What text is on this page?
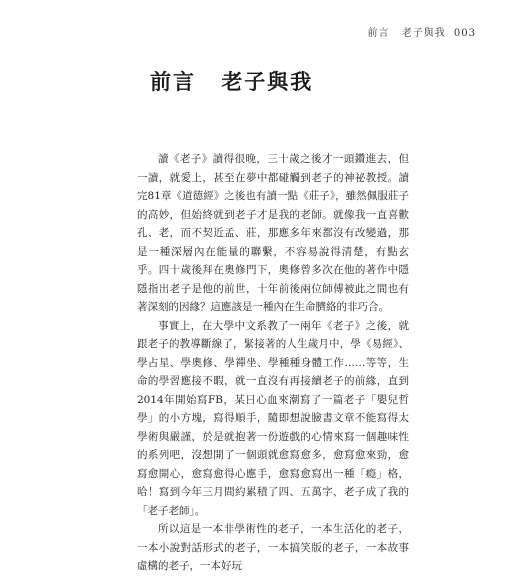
前言 老子與我 003
前言 老子與我

讀《老子》讀得很晚，三十歲之後才一頭鑽進去，但一讀，就愛上，甚至在夢中都碰觸到老子的神祕教授。讀完81章《道德經》之後也有讀一點《莊子》，雖然佩服莊子的高妙，但始終就到老子才是我的老師。就像我一直喜歡孔、老，而不契近孟、莊，那應多年來都沒有改變過，那是一種深層內在能量的聯繫，不容易說得清楚，有點玄乎。四十歲後拜在奧修門下，奧修曾多次在他的著作中隱隱指出老子是他的前世，十年前後兩位師傅被此之間也有著深刻的因緣？這應該是一種內在生命臍絡的非巧合。

事實上，在大學中文系教了一兩年《老子》之後，就跟老子的教導斷線了，緊接著的人生歲月中，學《易經》、學占星、學奧修、學禪坐、學種種身體工作……等等，生命的學習應接不暇，就一直沒有再接續老子的前緣，直到2014年開始寫FB，某日心血來潮寫了一篇老子「嬰兒哲學」的小方塊，寫得順手，隨即想說臉書文章不能寫得太學術與嚴謹，於是就抱著一份遊戲的心情來寫一個趣味性的系列吧，沒想開了一個頭就愈寫愈多，愈寫愈來勁，愈寫愈開心，愈寫愈得心應手，愈寫愈寫出一種「瘾」格，哈！寫到今年三月間約累積了四、五萬字，老子成了我的「老子老師」。

所以這是一本非學術性的老子，一本生活化的老子，一本小說對話形式的老子，一本搞笑版的老子，一本故事虛構的老子，一本好玩
